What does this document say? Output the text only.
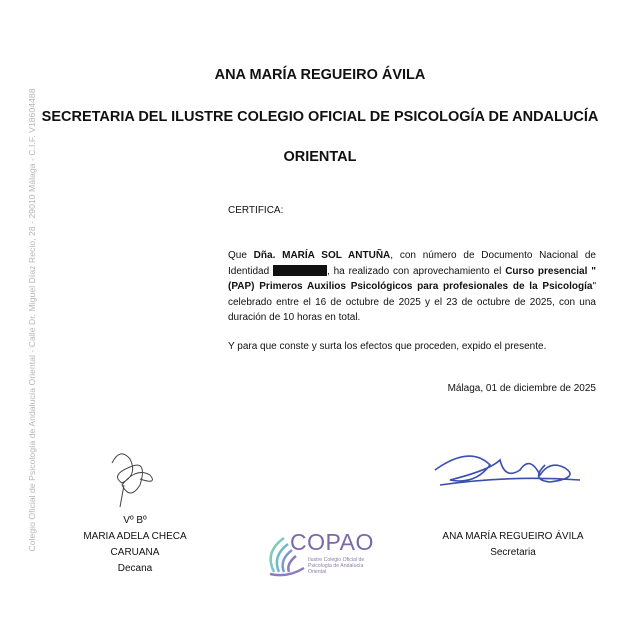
Colegio Oficial de Psicología de Andalucía Oriental - Calle Dr. Miguel Díaz Recio, 28 - 29010 Málaga - C.I.F. V18604488
ANA MARÍA REGUEIRO ÁVILA
SECRETARIA DEL ILUSTRE COLEGIO OFICIAL DE PSICOLOGÍA DE ANDALUCÍA
ORIENTAL
CERTIFICA:
Que Dña. MARÍA SOL ANTUÑA, con número de Documento Nacional de Identidad	, ha realizado con aprovechamiento el Curso presencial "(PAP) Primeros Auxilios Psicológicos para profesionales de la Psicología" celebrado entre el 16 de octubre de 2025 y el 23 de octubre de 2025, con una duración de 10 horas en total.
Y para que conste y surta los efectos que proceden, expido el presente.
Málaga, 01 de diciembre de 2025
Vº Bº
MARIA ADELA CHECA CARUANA
Decana
ANA MARÍA REGUEIRO ÁVILA
Secretaria
COPAO
Ilustre Colegio Oficial de Psicología de Andalucía Oriental
